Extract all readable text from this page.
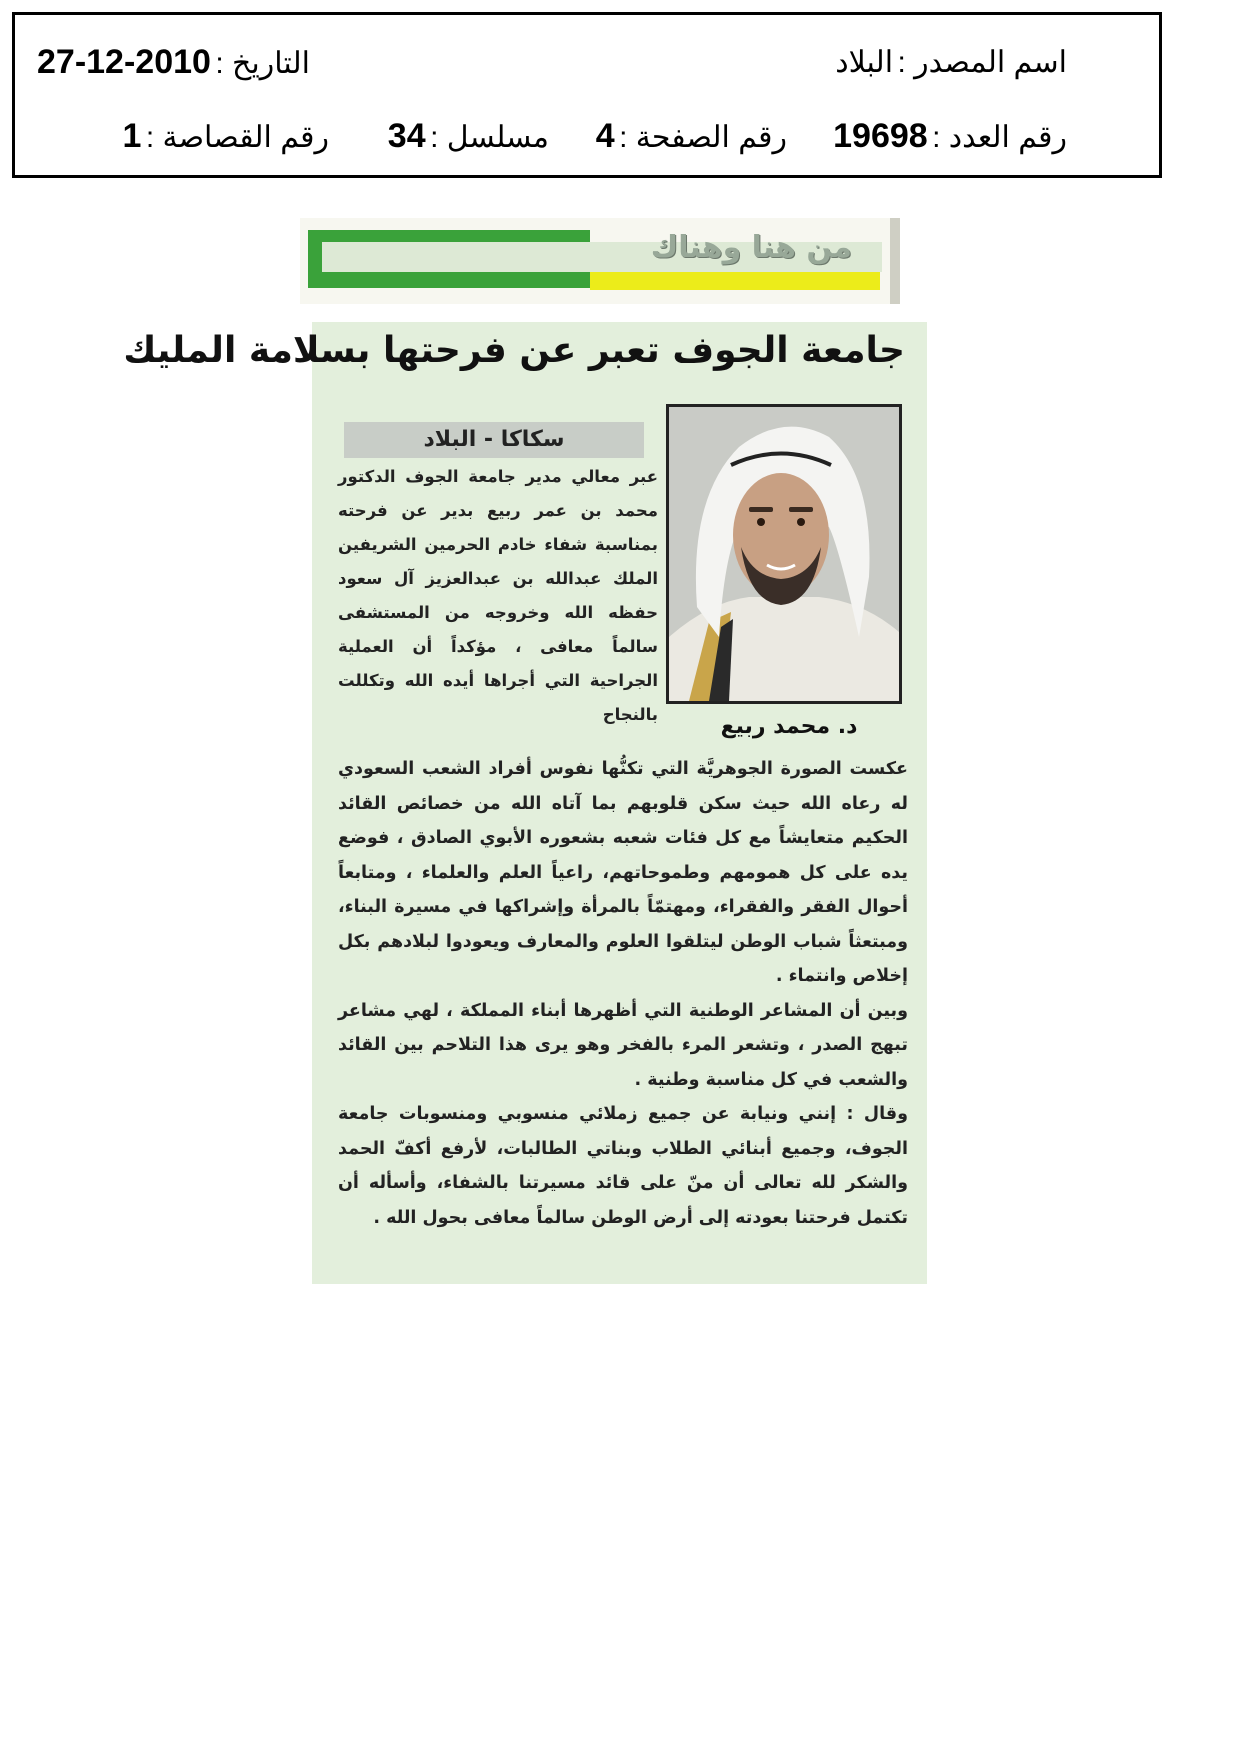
اسم المصدر : البلاد
التاريخ : 27-12-2010
رقم العدد : 19698
رقم الصفحة : 4
مسلسل : 34
رقم القصاصة : 1
من هنا وهناك
جامعة الجوف تعبر عن فرحتها بسلامة المليك
سكاكا - البلاد

عبر معالي مدير جامعة الجوف الدكتور محمد بن عمر ربيع بدير عن فرحته بمناسبة شفاء خادم الحرمين الشريفين الملك عبدالله بن عبدالعزيز آل سعود حفظه الله وخروجه من المستشفى سالماً معافى ، مؤكداً أن العملية الجراحية التي أجراها أيده الله وتكللت بالنجاح	د. محمد ربيع

عكست الصورة الجوهريَّة التي تكنُّها نفوس أفراد الشعب السعودي له رعاه الله حيث سكن قلوبهم بما آتاه الله من خصائص القائد الحكيم متعايشاً مع كل فئات شعبه بشعوره الأبوي الصادق ، فوضع يده على كل همومهم وطموحاتهم، راعياً العلم والعلماء ، ومتابعاً أحوال الفقر والفقراء، ومهتمّاً بالمرأة وإشراكها في مسيرة البناء، ومبتعثاً شباب الوطن ليتلقوا العلوم والمعارف ويعودوا لبلادهم بكل إخلاص وانتماء .

وبين أن المشاعر الوطنية التي أظهرها أبناء المملكة ، لهي مشاعر تبهج الصدر ، وتشعر المرء بالفخر وهو يرى هذا التلاحم بين القائد والشعب في كل مناسبة وطنية .

وقال : إنني ونيابة عن جميع زملائي منسوبي ومنسوبات جامعة الجوف، وجميع أبنائي الطلاب وبناتي الطالبات، لأرفع أكفّ الحمد والشكر لله تعالى أن منّ على قائد مسيرتنا بالشفاء، وأسأله أن تكتمل فرحتنا بعودته إلى أرض الوطن سالماً معافى بحول الله .
